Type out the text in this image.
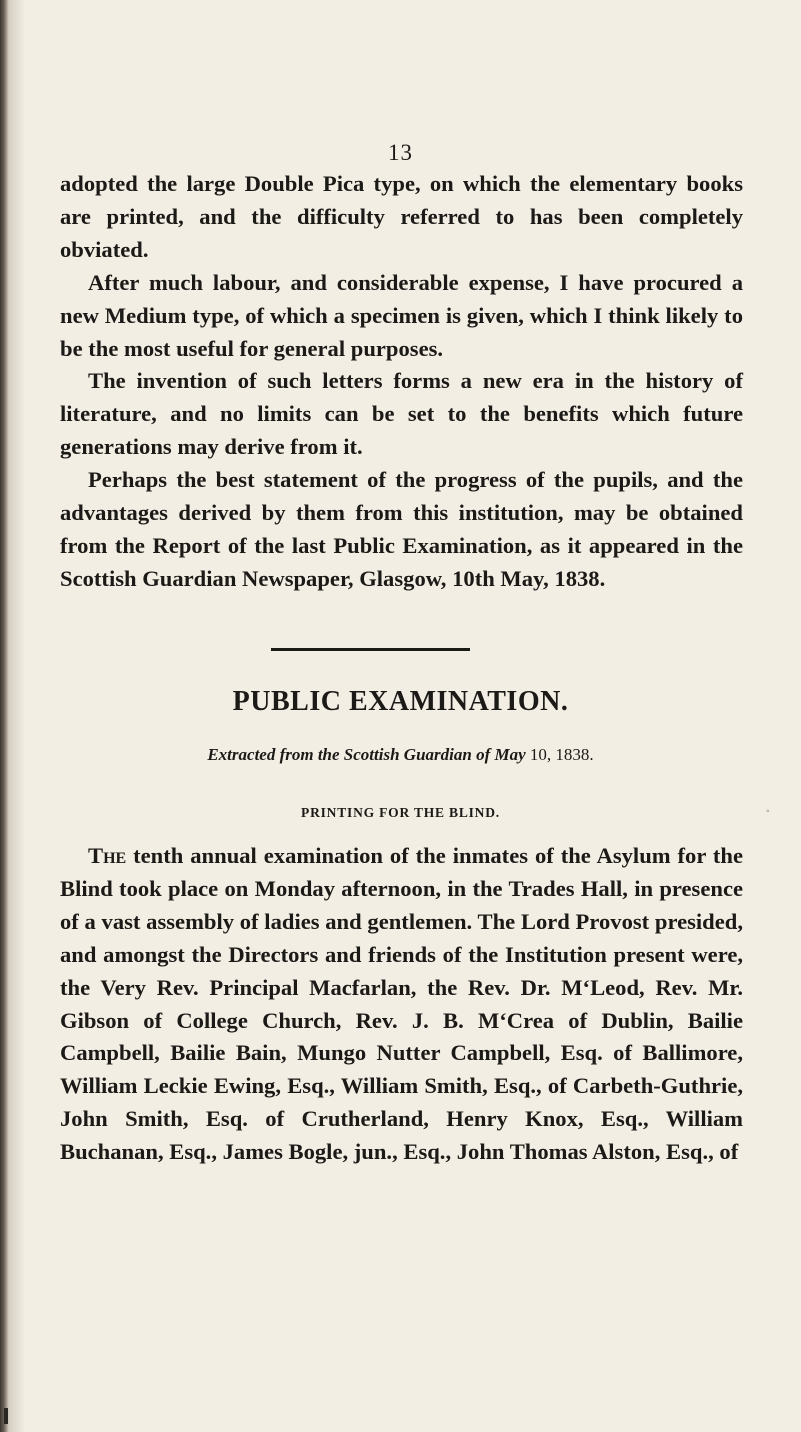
13

adopted the large Double Pica type, on which the elementary books are printed, and the difficulty referred to has been completely obviated.

After much labour, and considerable expense, I have procured a new Medium type, of which a specimen is given, which I think likely to be the most useful for general purposes.

The invention of such letters forms a new era in the history of literature, and no limits can be set to the benefits which future generations may derive from it.

Perhaps the best statement of the progress of the pupils, and the advantages derived by them from this institution, may be obtained from the Report of the last Public Examination, as it appeared in the Scottish Guardian Newspaper, Glasgow, 10th May, 1838.

PUBLIC EXAMINATION.
Extracted from the Scottish Guardian of May 10, 1838.
PRINTING FOR THE BLIND.	◦

The tenth annual examination of the inmates of the Asylum for the Blind took place on Monday afternoon, in the Trades Hall, in presence of a vast assembly of ladies and gentlemen. The Lord Provost presided, and amongst the Directors and friends of the Institution present were, the Very Rev. Principal Macfarlan, the Rev. Dr. M‘Leod, Rev. Mr. Gibson of College Church, Rev. J. B. M‘Crea of Dublin, Bailie Campbell, Bailie Bain, Mungo Nutter Campbell, Esq. of Ballimore, William Leckie Ewing, Esq., William Smith, Esq., of Carbeth-Guthrie, John Smith, Esq. of Crutherland, Henry Knox, Esq., William Buchanan, Esq., James Bogle, jun., Esq., John Thomas Alston, Esq., of
